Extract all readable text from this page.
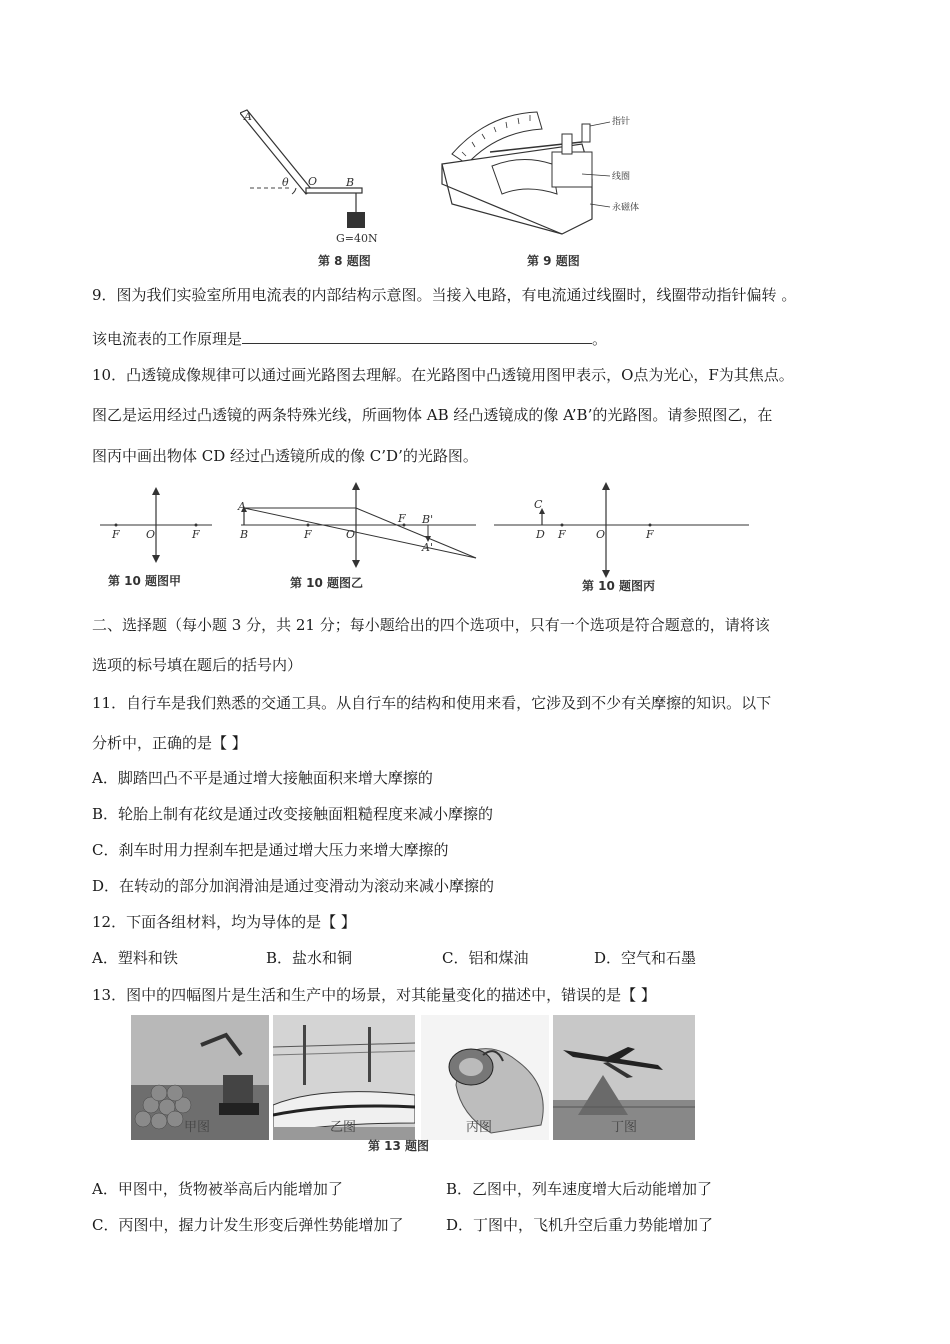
A
O	B
θ
G=40N
第 8 题图
指针
线圈
永磁体
第 9 题图
9．图为我们实验室所用电流表的内部结构示意图。当接入电路，有电流通过线圈时，线圈带动指针偏转 。
该电流表的工作原理是	。
10．凸透镜成像规律可以通过画光路图去理解。在光路图中凸透镜用图甲表示，O点为光心，F为其焦点。
图乙是运用经过凸透镜的两条特殊光线，所画物体 AB 经凸透镜成的像 A’B’的光路图。请参照图乙，在
图丙中画出物体 CD 经过凸透镜所成的像 C’D’的光路图。
F O	F
第 10 题图甲
A
B	F	O
F B'
A'
第 10 题图乙
C
D F	O	F
第 10 题图丙
二、选择题（每小题 3 分，共 21 分；每小题给出的四个选项中，只有一个选项是符合题意的，请将该
选项的标号填在题后的括号内）
11．自行车是我们熟悉的交通工具。从自行车的结构和使用来看，它涉及到不少有关摩擦的知识。以下
分析中，正确的是【 】
A．脚踏凹凸不平是通过增大接触面积来增大摩擦的
B．轮胎上制有花纹是通过改变接触面粗糙程度来减小摩擦的
C．刹车时用力捏刹车把是通过增大压力来增大摩擦的
D．在转动的部分加润滑油是通过变滑动为滚动来减小摩擦的
12．下面各组材料，均为导体的是【 】
A．塑料和铁	B．盐水和铜	C．铝和煤油	D．空气和石墨
13．图中的四幅图片是生活和生产中的场景，对其能量变化的描述中，错误的是【 】
甲图	乙图	丙图	丁图
第 13 题图
A．甲图中，货物被举高后内能增加了	B．乙图中，列车速度增大后动能增加了
C．丙图中，握力计发生形变后弹性势能增加了	D．丁图中，飞机升空后重力势能增加了
